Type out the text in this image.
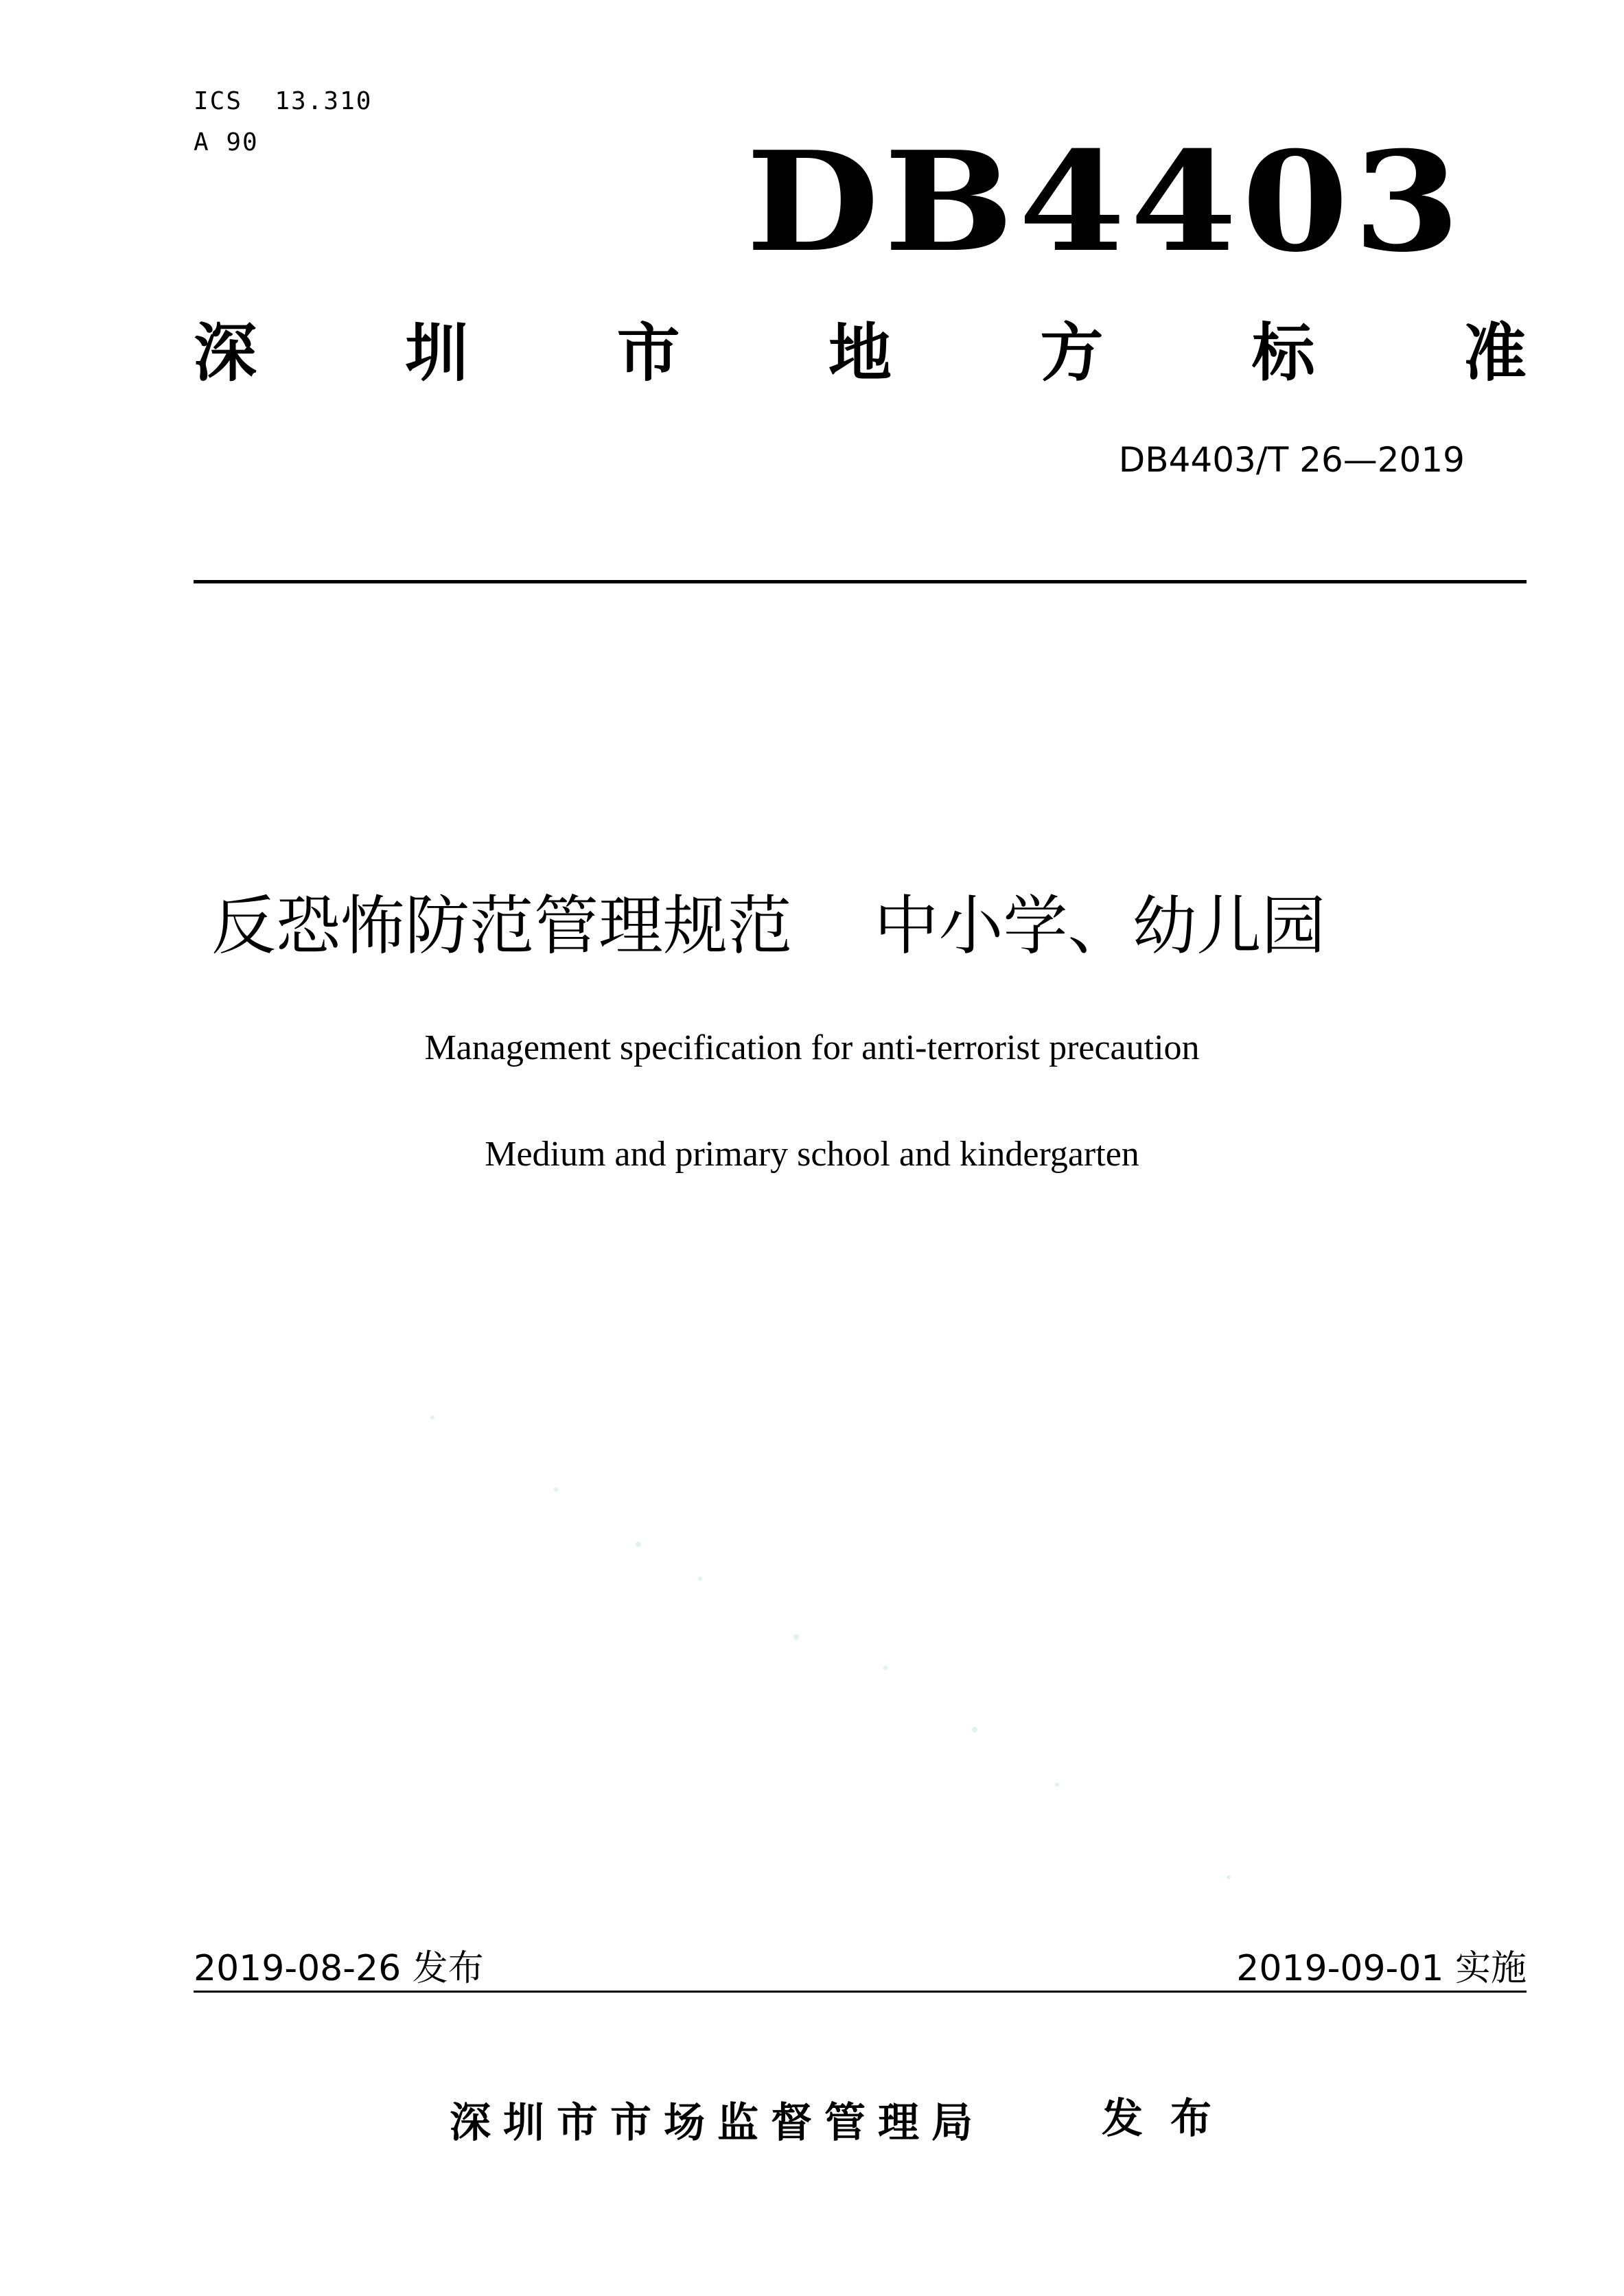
ICS  13.310
A 90	DB4403
深 圳 市 地 方 标 准
DB4403/T 26—2019
反恐怖防范管理规范    中小学、幼儿园
Management specification for anti-terrorist precaution
Medium and primary school and kindergarten
2019-08-26 发布	2019-09-01 实施
深圳市市场监督管理局	发布
